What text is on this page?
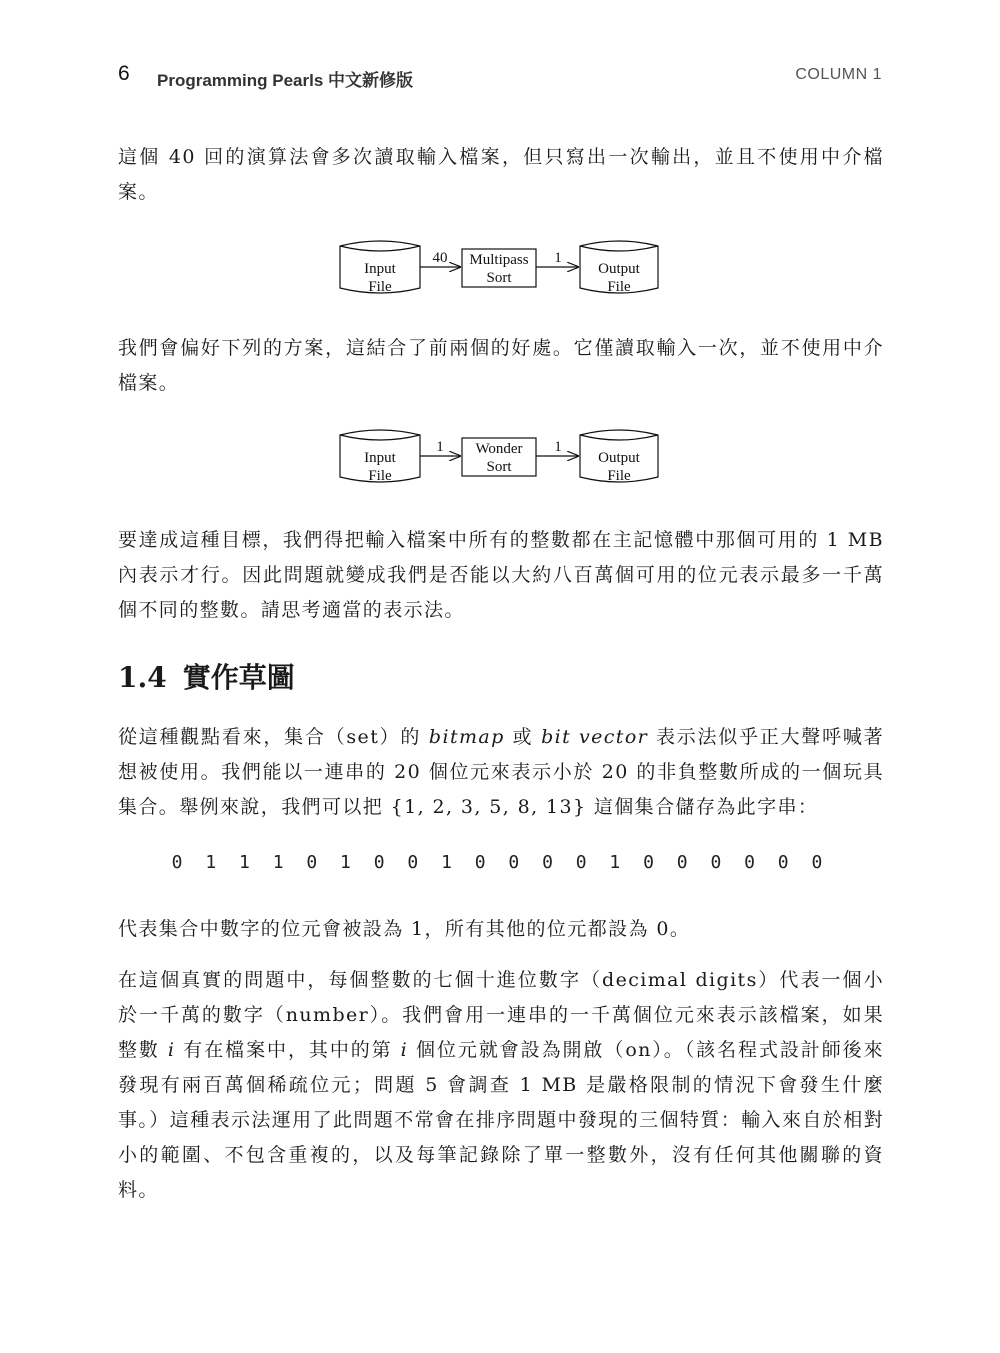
6 Programming Pearls 中文新修版	COLUMN 1

這個 40 回的演算法會多次讀取輸入檔案，但只寫出一次輸出，並且不使用中介檔案。

Input
File
40 Multipass
Sort
1
Output
File

我們會偏好下列的方案，這結合了前兩個的好處。它僅讀取輸入一次，並不使用中介檔案。

Input
File
1 Wonder
Sort
1
Output
File

要達成這種目標，我們得把輸入檔案中所有的整數都在主記憶體中那個可用的 1 MB 內表示才行。因此問題就變成我們是否能以大約八百萬個可用的位元表示最多一千萬個不同的整數。請思考適當的表示法。

1.4 實作草圖

從這種觀點看來，集合（set）的 bitmap 或 bit vector 表示法似乎正大聲呼喊著想被使用。我們能以一連串的 20 個位元來表示小於 20 的非負整數所成的一個玩具集合。舉例來說，我們可以把 {1, 2, 3, 5, 8, 13} 這個集合儲存為此字串：

0 1 1 1 0 1 0 0 1 0 0 0 0 1 0 0 0 0 0 0

代表集合中數字的位元會被設為 1，所有其他的位元都設為 0。

在這個真實的問題中，每個整數的七個十進位數字（decimal digits）代表一個小於一千萬的數字（number）。我們會用一連串的一千萬個位元來表示該檔案，如果整數 i 有在檔案中，其中的第 i 個位元就會設為開啟（on）。（該名程式設計師後來發現有兩百萬個稀疏位元；問題 5 會調查 1 MB 是嚴格限制的情況下會發生什麼事。）這種表示法運用了此問題不常會在排序問題中發現的三個特質：輸入來自於相對小的範圍、不包含重複的，以及每筆記錄除了單一整數外，沒有任何其他關聯的資料。
